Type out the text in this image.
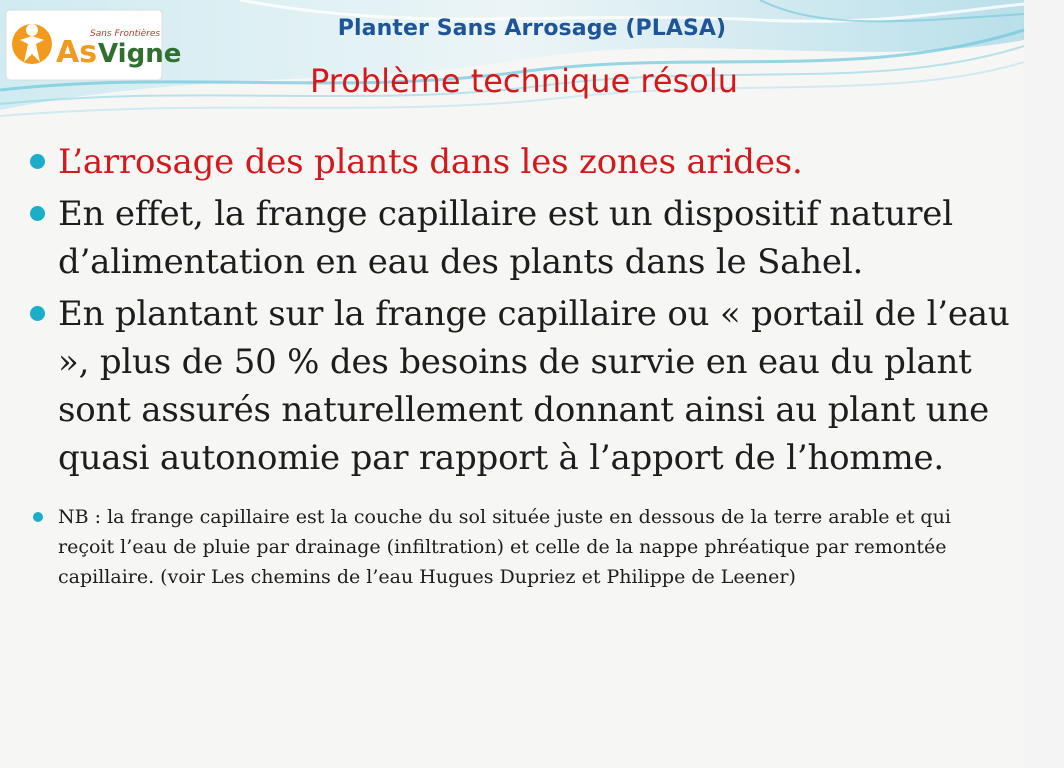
As Vigne
Sans Frontières	Planter Sans Arrosage (PLASA)
Problème technique résolu
L’arrosage des plants dans les zones arides.
En effet, la frange capillaire est un dispositif naturel d’alimentation en eau des plants dans le Sahel.
En plantant sur la frange capillaire ou « portail de l’eau », plus de 50 % des besoins de survie en eau du plant sont assurés naturellement donnant ainsi au plant une quasi autonomie par rapport à l’apport de l’homme.
NB : la frange capillaire est la couche du sol située juste en dessous de la terre arable et qui reçoit l’eau de pluie par drainage (infiltration) et celle de la nappe phréatique par remontée capillaire. (voir Les chemins de l’eau Hugues Dupriez et Philippe de Leener)
